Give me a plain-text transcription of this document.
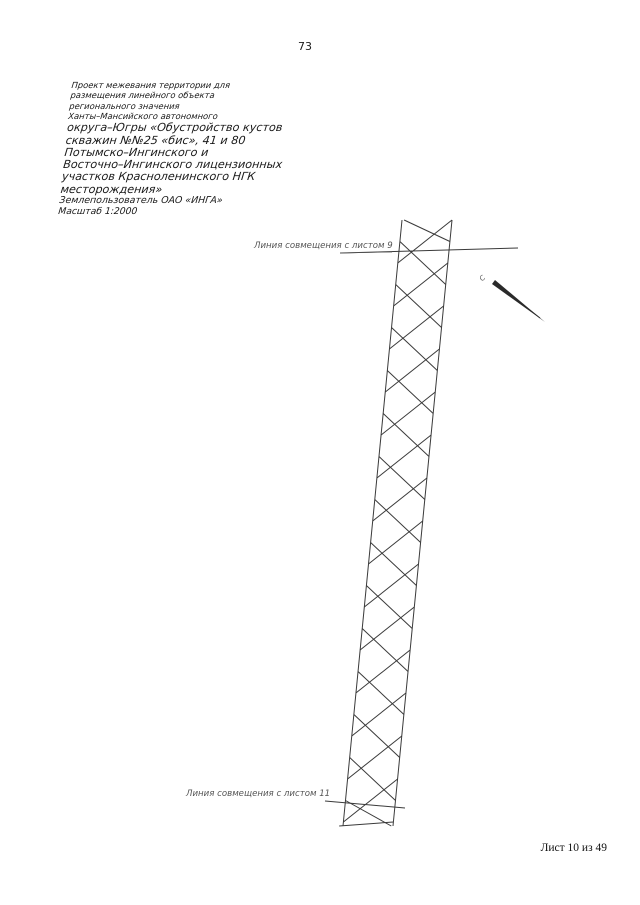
73
Проект межевания территории для
размещения линейного объекта
регионального значения
Ханты–Мансийского автономного
округа–Югры «Обустройство кустов
скважин №№25 «бис», 41 и 80
Потымско–Ингинского и
Восточно–Ингинского лицензионных
участков Красноленинского НГК
месторождения»
Землепользователь ОАО «ИНГА»
Масштаб 1:2000
Линия совмещения с листом 9
Линия совмещения с листом 11
С
Лист 10 из 49
